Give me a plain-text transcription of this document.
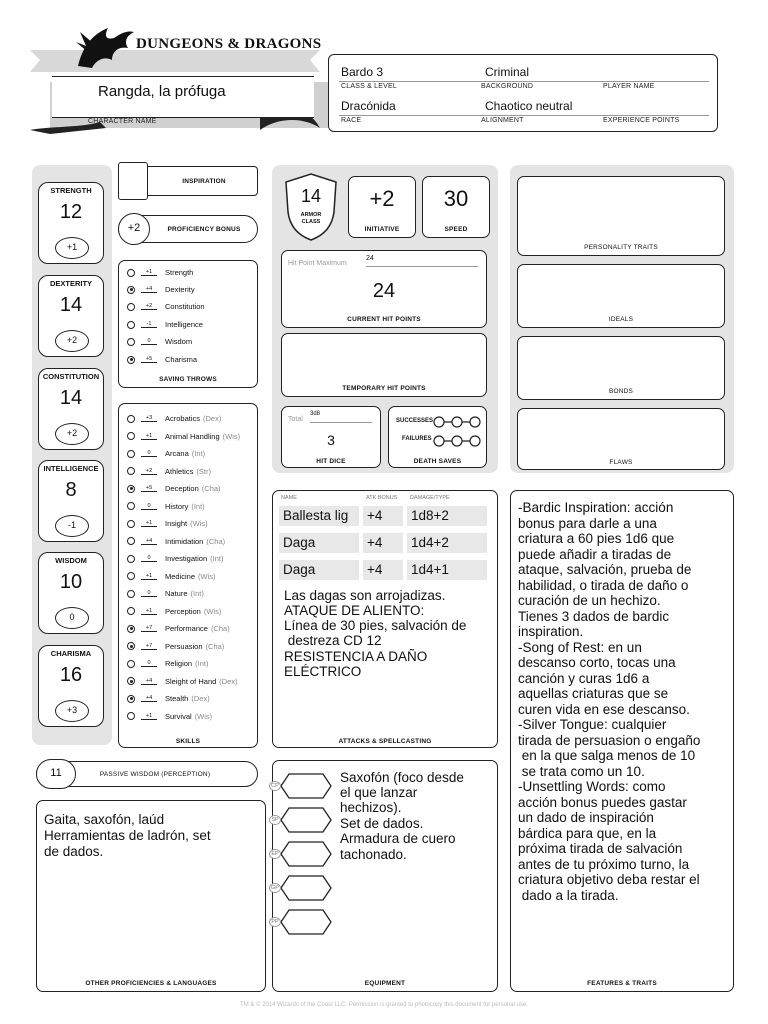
DUNGEONS & DRAGONS
Rangda, la prófuga
CHARACTER NAME
Bardo 3	Criminal
CLASS & LEVEL	BACKGROUND	PLAYER NAME
Dracónida	Chaotico neutral
RACE	ALIGNMENT	EXPERIENCE POINTS
STRENGTH
12
+1
DEXTERITY
14
+2
CONSTITUTION
14
+2
INTELLIGENCE
8
-1
WISDOM
10
0
CHARISMA
16
+3
INSPIRATION
+2	PROFICIENCY BONUS
+1	Strength
+4	Dexterity
+2	Constitution
-1	Intelligence
0	Wisdom
+5	Charisma
SAVING THROWS
+3	Acrobatics (Dex)
+1	Animal Handling (Wis)
0	Arcana (Int)
+2	Athletics (Str)
+5	Deception (Cha)
0	History (Int)
+1	Insight (Wis)
+4	Intimidation (Cha)
0	Investigation (Int)
+1	Medicine (Wis)
0	Nature (Int)
+1	Perception (Wis)
+7	Performance (Cha)
+7	Persuasion (Cha)
0	Religion (Int)
+4	Sleight of Hand (Dex)
+4	Stealth (Dex)
+1	Survival (Wis)
SKILLS
11	PASSIVE WISDOM (PERCEPTION)
Gaita, saxofón, laúd
Herramientas de ladrón, set
de dados.
OTHER PROFICIENCIES & LANGUAGES
14
ARMOR CLASS
+2
INITIATIVE
30
SPEED
Hit Point Maximum
24
24
CURRENT HIT POINTS
TEMPORARY HIT POINTS
Total
3d8
3
HIT DICE
SUCCESSES
FAILURES
DEATH SAVES
PERSONALITY TRAITS
IDEALS
BONDS
FLAWS
NAME	ATK BONUS DAMAGE/TYPE
Ballesta lig	+4	1d8+2
Daga	+4	1d4+2
Daga	+4	1d4+1
Las dagas son arrojadizas.
ATAQUE DE ALIENTO:
Línea de 30 pies, salvación de
destreza CD 12
RESISTENCIA A DAÑO
ELÉCTRICO
ATTACKS & SPELLCASTING
CP
SP
EP
GP
PP
Saxofón (foco desde
el que lanzar
hechizos).
Set de dados.
Armadura de cuero
tachonado.
EQUIPMENT
-Bardic Inspiration: acción
bonus para darle a una
criatura a 60 pies 1d6 que
puede añadir a tiradas de
ataque, salvación, prueba de
habilidad, o tirada de daño o
curación de un hechizo.
Tienes 3 dados de bardic
inspiration.
-Song of Rest: en un
descanso corto, tocas una
canción y curas 1d6 a
aquellas criaturas que se
curen vida en ese descanso.
-Silver Tongue: cualquier
tirada de persuasion o engaño
en la que salga menos de 10
se trata como un 10.
-Unsettling Words: como
acción bonus puedes gastar
un dado de inspiración
bárdica para que, en la
próxima tirada de salvación
antes de tu próximo turno, la
criatura objetivo deba restar el
dado a la tirada.
FEATURES & TRAITS
TM & © 2014 Wizards of the Coast LLC. Permission is granted to photocopy this document for personal use.
